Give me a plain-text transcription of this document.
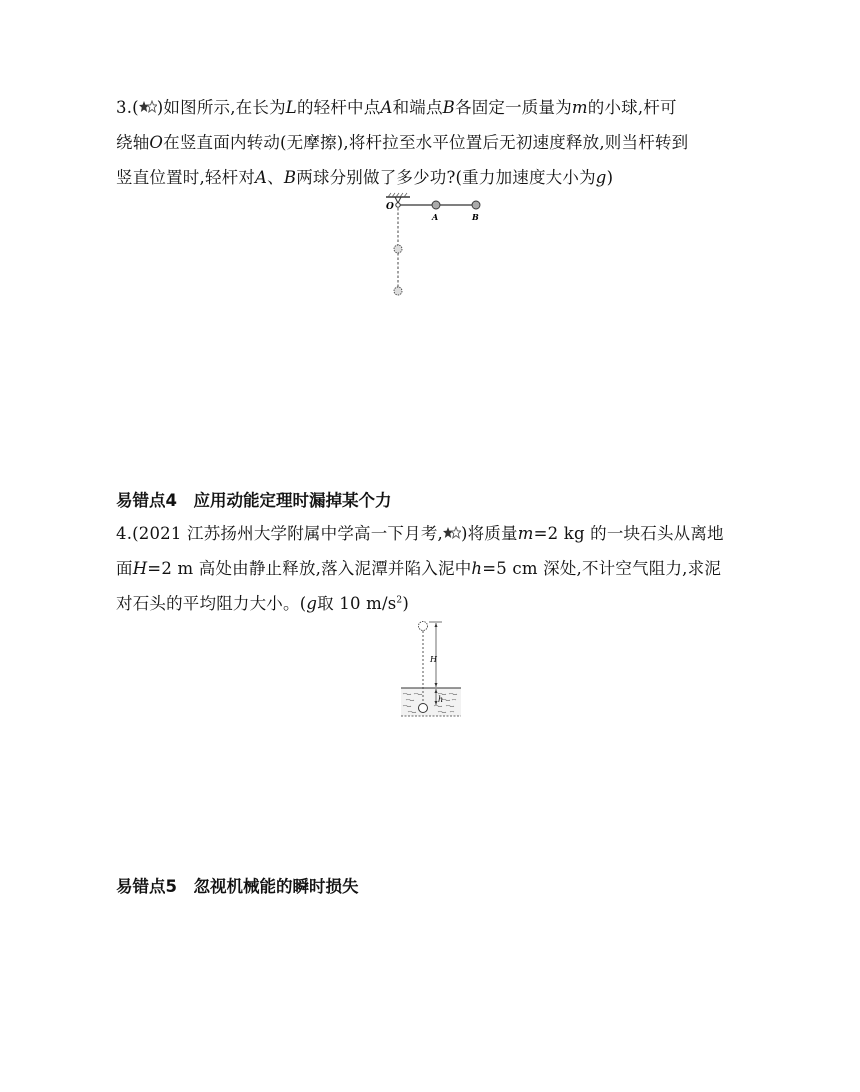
3.( )如图所示,在长为L的轻杆中点A和端点B各固定一质量为m的小球,杆可
绕轴O在竖直面内转动(无摩擦),将杆拉至水平位置后无初速度释放,则当杆转到
竖直位置时,轻杆对A、B两球分别做了多少功?(重力加速度大小为g)
O
A	B
易错点4　应用动能定理时漏掉某个力
4.(2021 江苏扬州大学附属中学高一下月考, )将质量m=2 kg 的一块石头从离地
面H=2 m 高处由静止释放,落入泥潭并陷入泥中h=5 cm 深处,不计空气阻力,求泥
对石头的平均阻力大小。(g取 10 $m/s^2$)
H
h
易错点5　忽视机械能的瞬时损失
